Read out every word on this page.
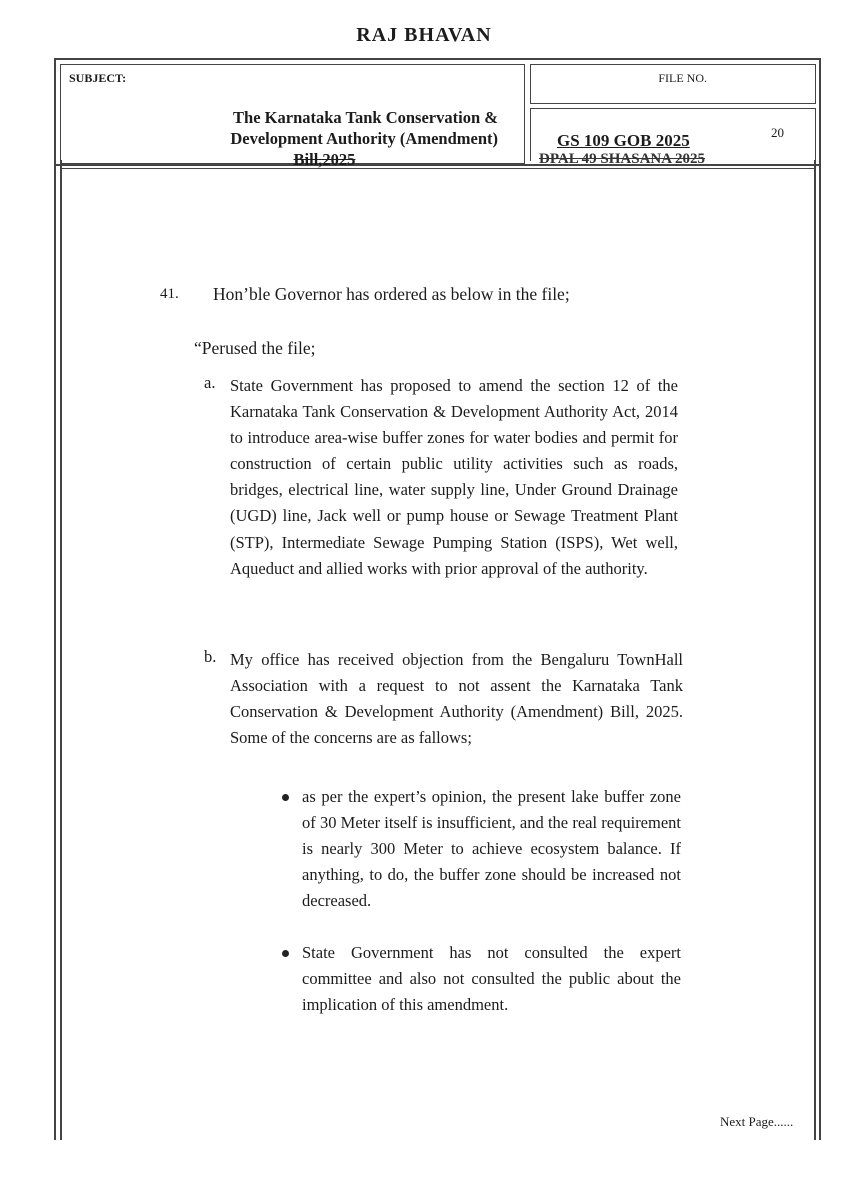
RAJ BHAVAN
SUBJECT:
The Karnataka Tank Conservation &
Development Authority (Amendment)
Bill,2025
FILE NO.
GS 109 GOB 2025	20
DPAL 49 SHASANA 2025
41. Hon’ble Governor has ordered as below in the file;
“Perused the file;
a. State Government has proposed to amend the section 12 of the Karnataka Tank Conservation & Development Authority Act, 2014 to introduce area-wise buffer zones for water bodies and permit for construction of certain public utility activities such as roads, bridges, electrical line, water supply line, Under Ground Drainage (UGD) line, Jack well or pump house or Sewage Treatment Plant (STP), Intermediate Sewage Pumping Station (ISPS), Wet well, Aqueduct and allied works with prior approval of the authority.
b. My office has received objection from the Bengaluru TownHall Association with a request to not assent the Karnataka Tank Conservation & Development Authority (Amendment) Bill, 2025. Some of the concerns are as fallows;
as per the expert’s opinion, the present lake buffer zone of 30 Meter itself is insufficient, and the real requirement is nearly 300 Meter to achieve ecosystem balance. If anything, to do, the buffer zone should be increased not decreased.
State Government has not consulted the expert committee and also not consulted the public about the implication of this amendment.
Next Page......
